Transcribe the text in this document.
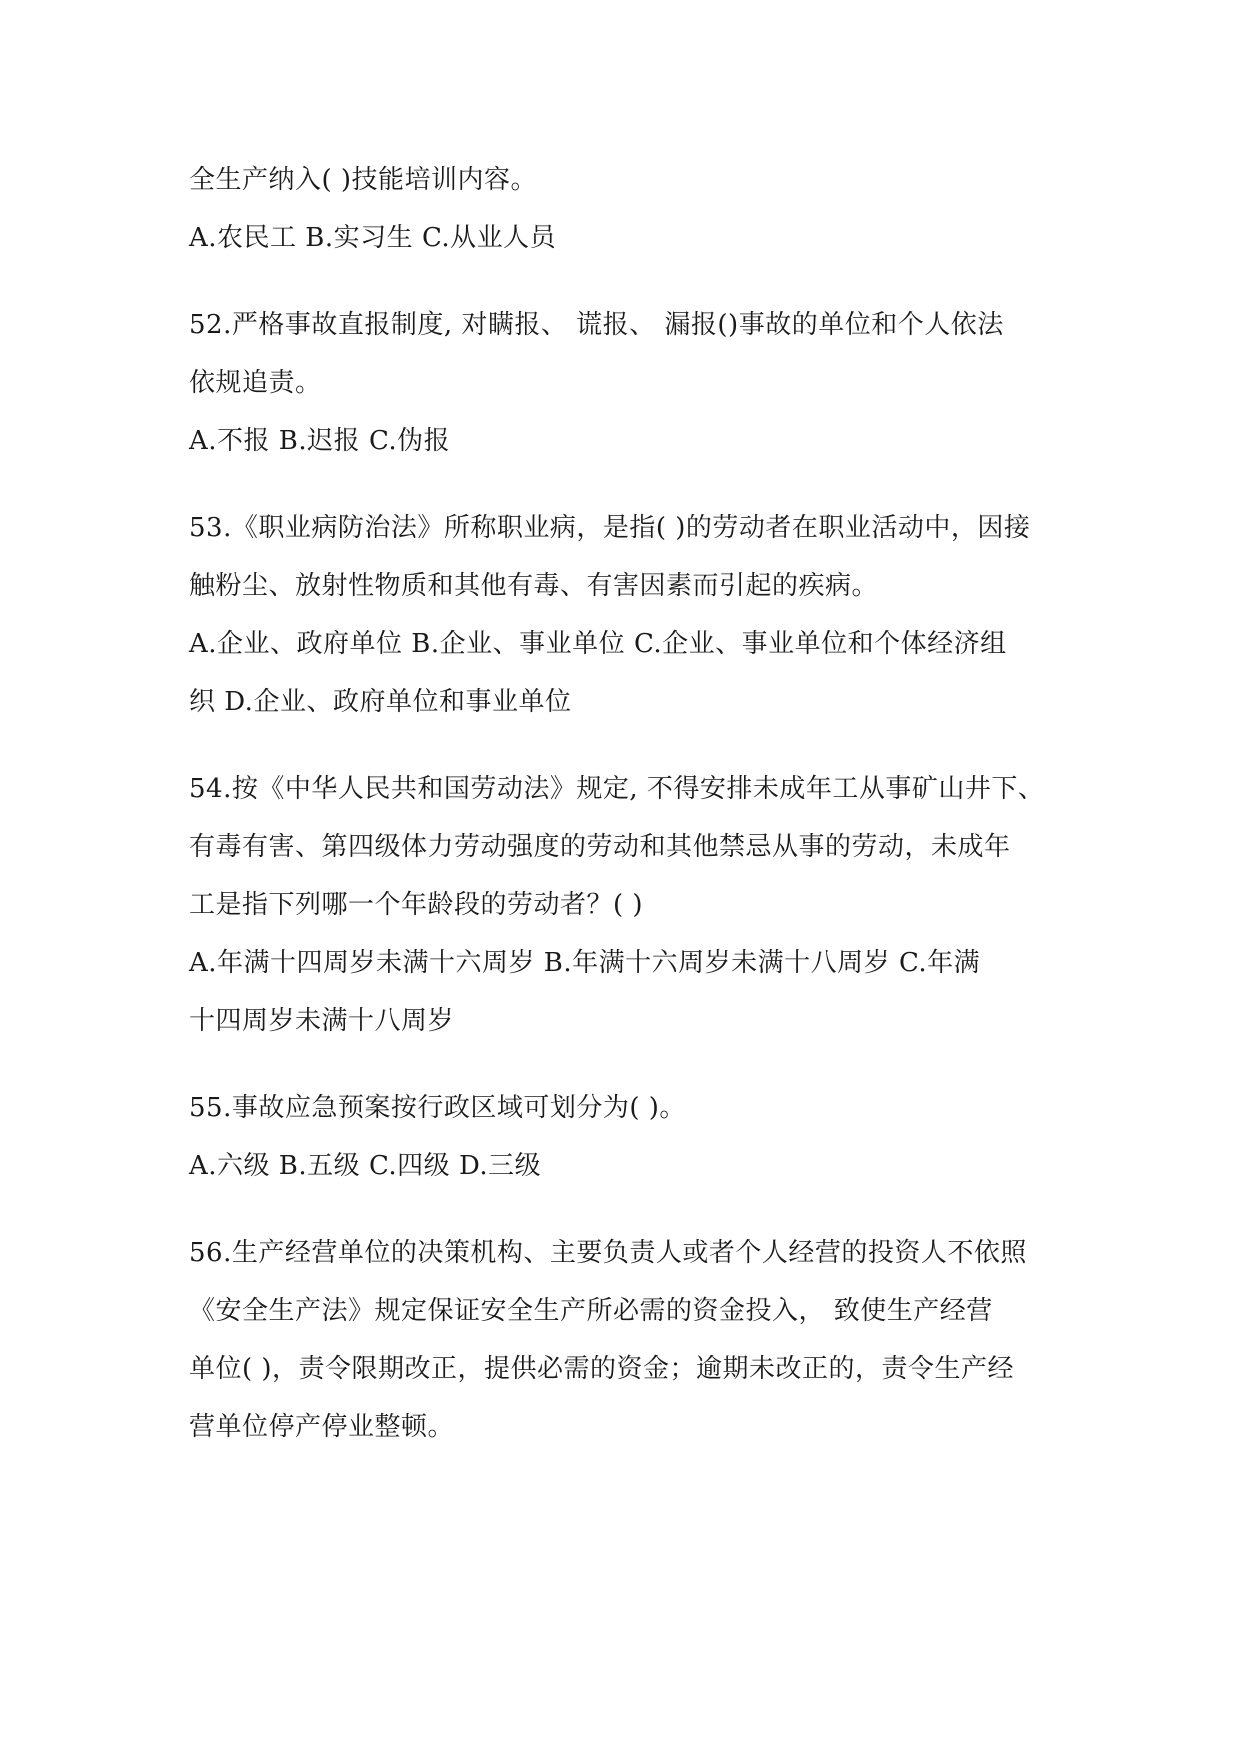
全生产纳入( )技能培训内容。
A.农民工 B.实习生 C.从业人员
52.严格事故直报制度, 对瞒报、 谎报、 漏报()事故的单位和个人依法
依规追责。
A.不报 B.迟报 C.伪报
53.《职业病防治法》所称职业病，是指( )的劳动者在职业活动中，因接
触粉尘、放射性物质和其他有毒、有害因素而引起的疾病。
A.企业、政府单位 B.企业、事业单位 C.企业、事业单位和个体经济组
织 D.企业、政府单位和事业单位
54.按《中华人民共和国劳动法》规定, 不得安排未成年工从事矿山井下、
有毒有害、第四级体力劳动强度的劳动和其他禁忌从事的劳动，未成年
工是指下列哪一个年龄段的劳动者？( )
A.年满十四周岁未满十六周岁 B.年满十六周岁未满十八周岁 C.年满
十四周岁未满十八周岁
55.事故应急预案按行政区域可划分为( )。
A.六级 B.五级 C.四级 D.三级
56.生产经营单位的决策机构、主要负责人或者个人经营的投资人不依照
《安全生产法》规定保证安全生产所必需的资金投入， 致使生产经营
单位( )，责令限期改正，提供必需的资金；逾期未改正的，责令生产经
营单位停产停业整顿。
